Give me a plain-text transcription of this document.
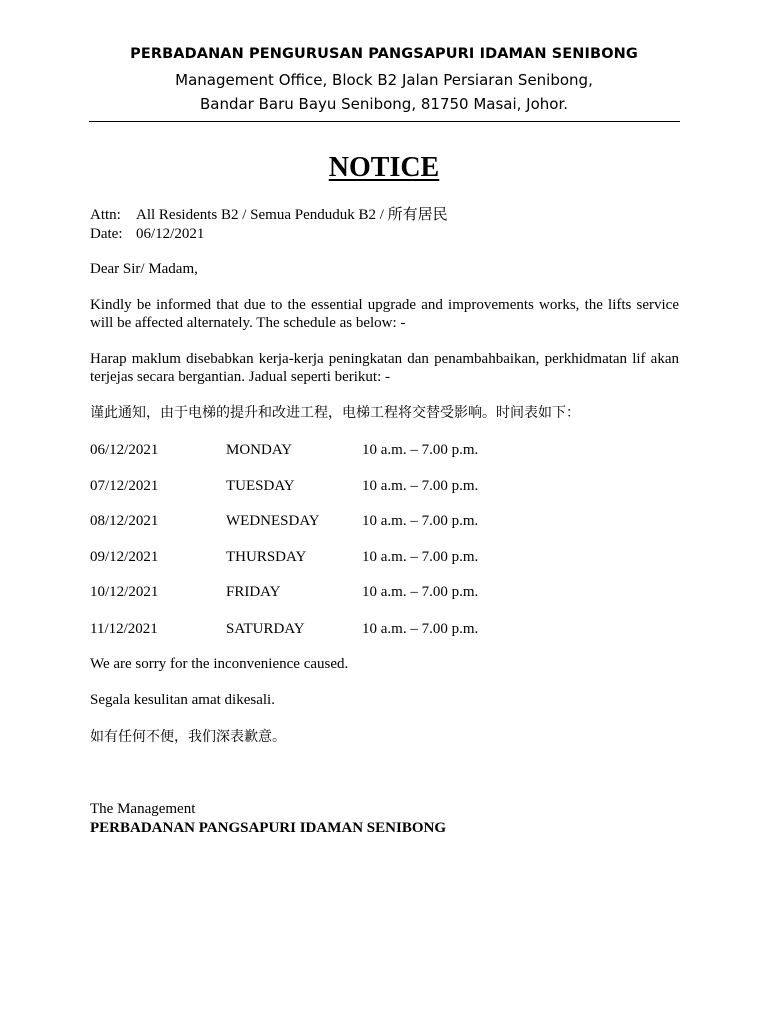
PERBADANAN PENGURUSAN PANGSAPURI IDAMAN SENIBONG
Management Office, Block B2 Jalan Persiaran Senibong,
Bandar Baru Bayu Senibong, 81750 Masai, Johor.
NOTICE
Attn: All Residents B2 / Semua Penduduk B2 / 所有居民
Date: 06/12/2021
Dear Sir/ Madam,
Kindly be informed that due to the essential upgrade and improvements works, the lifts service will be affected alternately. The schedule as below: -
Harap maklum disebabkan kerja-kerja peningkatan dan penambahbaikan, perkhidmatan lif akan terjejas secara bergantian. Jadual seperti berikut: -
谨此通知，由于电梯的提升和改进工程，电梯工程将交替受影响。时间表如下：
06/12/2021	MONDAY	10 a.m. – 7.00 p.m.
07/12/2021	TUESDAY	10 a.m. – 7.00 p.m.
08/12/2021	WEDNESDAY	10 a.m. – 7.00 p.m.
09/12/2021	THURSDAY	10 a.m. – 7.00 p.m.
10/12/2021	FRIDAY	10 a.m. – 7.00 p.m.
11/12/2021	SATURDAY	10 a.m. – 7.00 p.m.
We are sorry for the inconvenience caused.
Segala kesulitan amat dikesali.
如有任何不便，我们深表歉意。
The Management
PERBADANAN PANGSAPURI IDAMAN SENIBONG
